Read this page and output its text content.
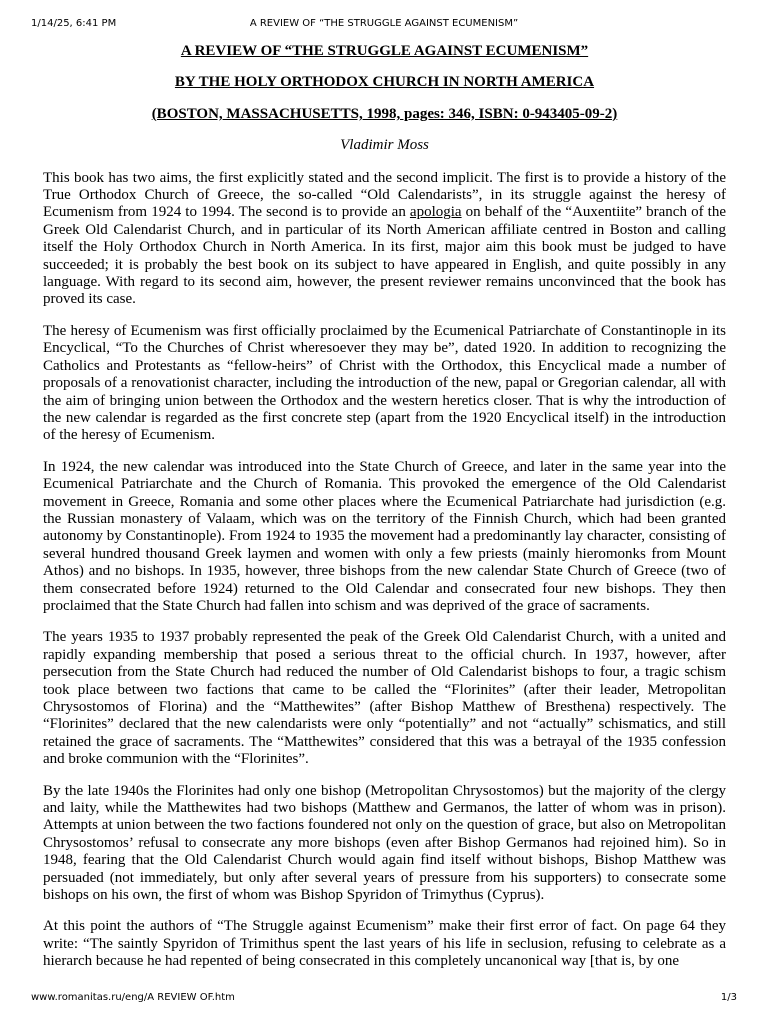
1/14/25, 6:41 PM	A REVIEW OF “THE STRUGGLE AGAINST ECUMENISM”

A REVIEW OF “THE STRUGGLE AGAINST ECUMENISM”

BY THE HOLY ORTHODOX CHURCH IN NORTH AMERICA

(BOSTON, MASSACHUSETTS, 1998, pages: 346, ISBN: 0-943405-09-2)

Vladimir Moss

This book has two aims, the first explicitly stated and the second implicit. The first is to provide a history of the True Orthodox Church of Greece, the so-called “Old Calendarists”, in its struggle against the heresy of Ecumenism from 1924 to 1994. The second is to provide an apologia on behalf of the “Auxentiite” branch of the Greek Old Calendarist Church, and in particular of its North American affiliate centred in Boston and calling itself the Holy Orthodox Church in North America. In its first, major aim this book must be judged to have succeeded; it is probably the best book on its subject to have appeared in English, and quite possibly in any language. With regard to its second aim, however, the present reviewer remains unconvinced that the book has proved its case.

The heresy of Ecumenism was first officially proclaimed by the Ecumenical Patriarchate of Constantinople in its Encyclical, “To the Churches of Christ wheresoever they may be”, dated 1920. In addition to recognizing the Catholics and Protestants as “fellow-heirs” of Christ with the Orthodox, this Encyclical made a number of proposals of a renovationist character, including the introduction of the new, papal or Gregorian calendar, all with the aim of bringing union between the Orthodox and the western heretics closer. That is why the introduction of the new calendar is regarded as the first concrete step (apart from the 1920 Encyclical itself) in the introduction of the heresy of Ecumenism.

In 1924, the new calendar was introduced into the State Church of Greece, and later in the same year into the Ecumenical Patriarchate and the Church of Romania. This provoked the emergence of the Old Calendarist movement in Greece, Romania and some other places where the Ecumenical Patriarchate had jurisdiction (e.g. the Russian monastery of Valaam, which was on the territory of the Finnish Church, which had been granted autonomy by Constantinople). From 1924 to 1935 the movement had a predominantly lay character, consisting of several hundred thousand Greek laymen and women with only a few priests (mainly hieromonks from Mount Athos) and no bishops. In 1935, however, three bishops from the new calendar State Church of Greece (two of them consecrated before 1924) returned to the Old Calendar and consecrated four new bishops. They then proclaimed that the State Church had fallen into schism and was deprived of the grace of sacraments.

The years 1935 to 1937 probably represented the peak of the Greek Old Calendarist Church, with a united and rapidly expanding membership that posed a serious threat to the official church. In 1937, however, after persecution from the State Church had reduced the number of Old Calendarist bishops to four, a tragic schism took place between two factions that came to be called the “Florinites” (after their leader, Metropolitan Chrysostomos of Florina) and the “Matthewites” (after Bishop Matthew of Bresthena) respectively. The “Florinites” declared that the new calendarists were only “potentially” and not “actually” schismatics, and still retained the grace of sacraments. The “Matthewites” considered that this was a betrayal of the 1935 confession and broke communion with the “Florinites”.

By the late 1940s the Florinites had only one bishop (Metropolitan Chrysostomos) but the majority of the clergy and laity, while the Matthewites had two bishops (Matthew and Germanos, the latter of whom was in prison). Attempts at union between the two factions foundered not only on the question of grace, but also on Metropolitan Chrysostomos’ refusal to consecrate any more bishops (even after Bishop Germanos had rejoined him). So in 1948, fearing that the Old Calendarist Church would again find itself without bishops, Bishop Matthew was persuaded (not immediately, but only after several years of pressure from his supporters) to consecrate some bishops on his own, the first of whom was Bishop Spyridon of Trimythus (Cyprus).

At this point the authors of “The Struggle against Ecumenism” make their first error of fact. On page 64 they write: “The saintly Spyridon of Trimithus spent the last years of his life in seclusion, refusing to celebrate as a hierarch because he had repented of being consecrated in this completely uncanonical way [that is, by one

www.romanitas.ru/eng/A REVIEW OF.htm	1/3
